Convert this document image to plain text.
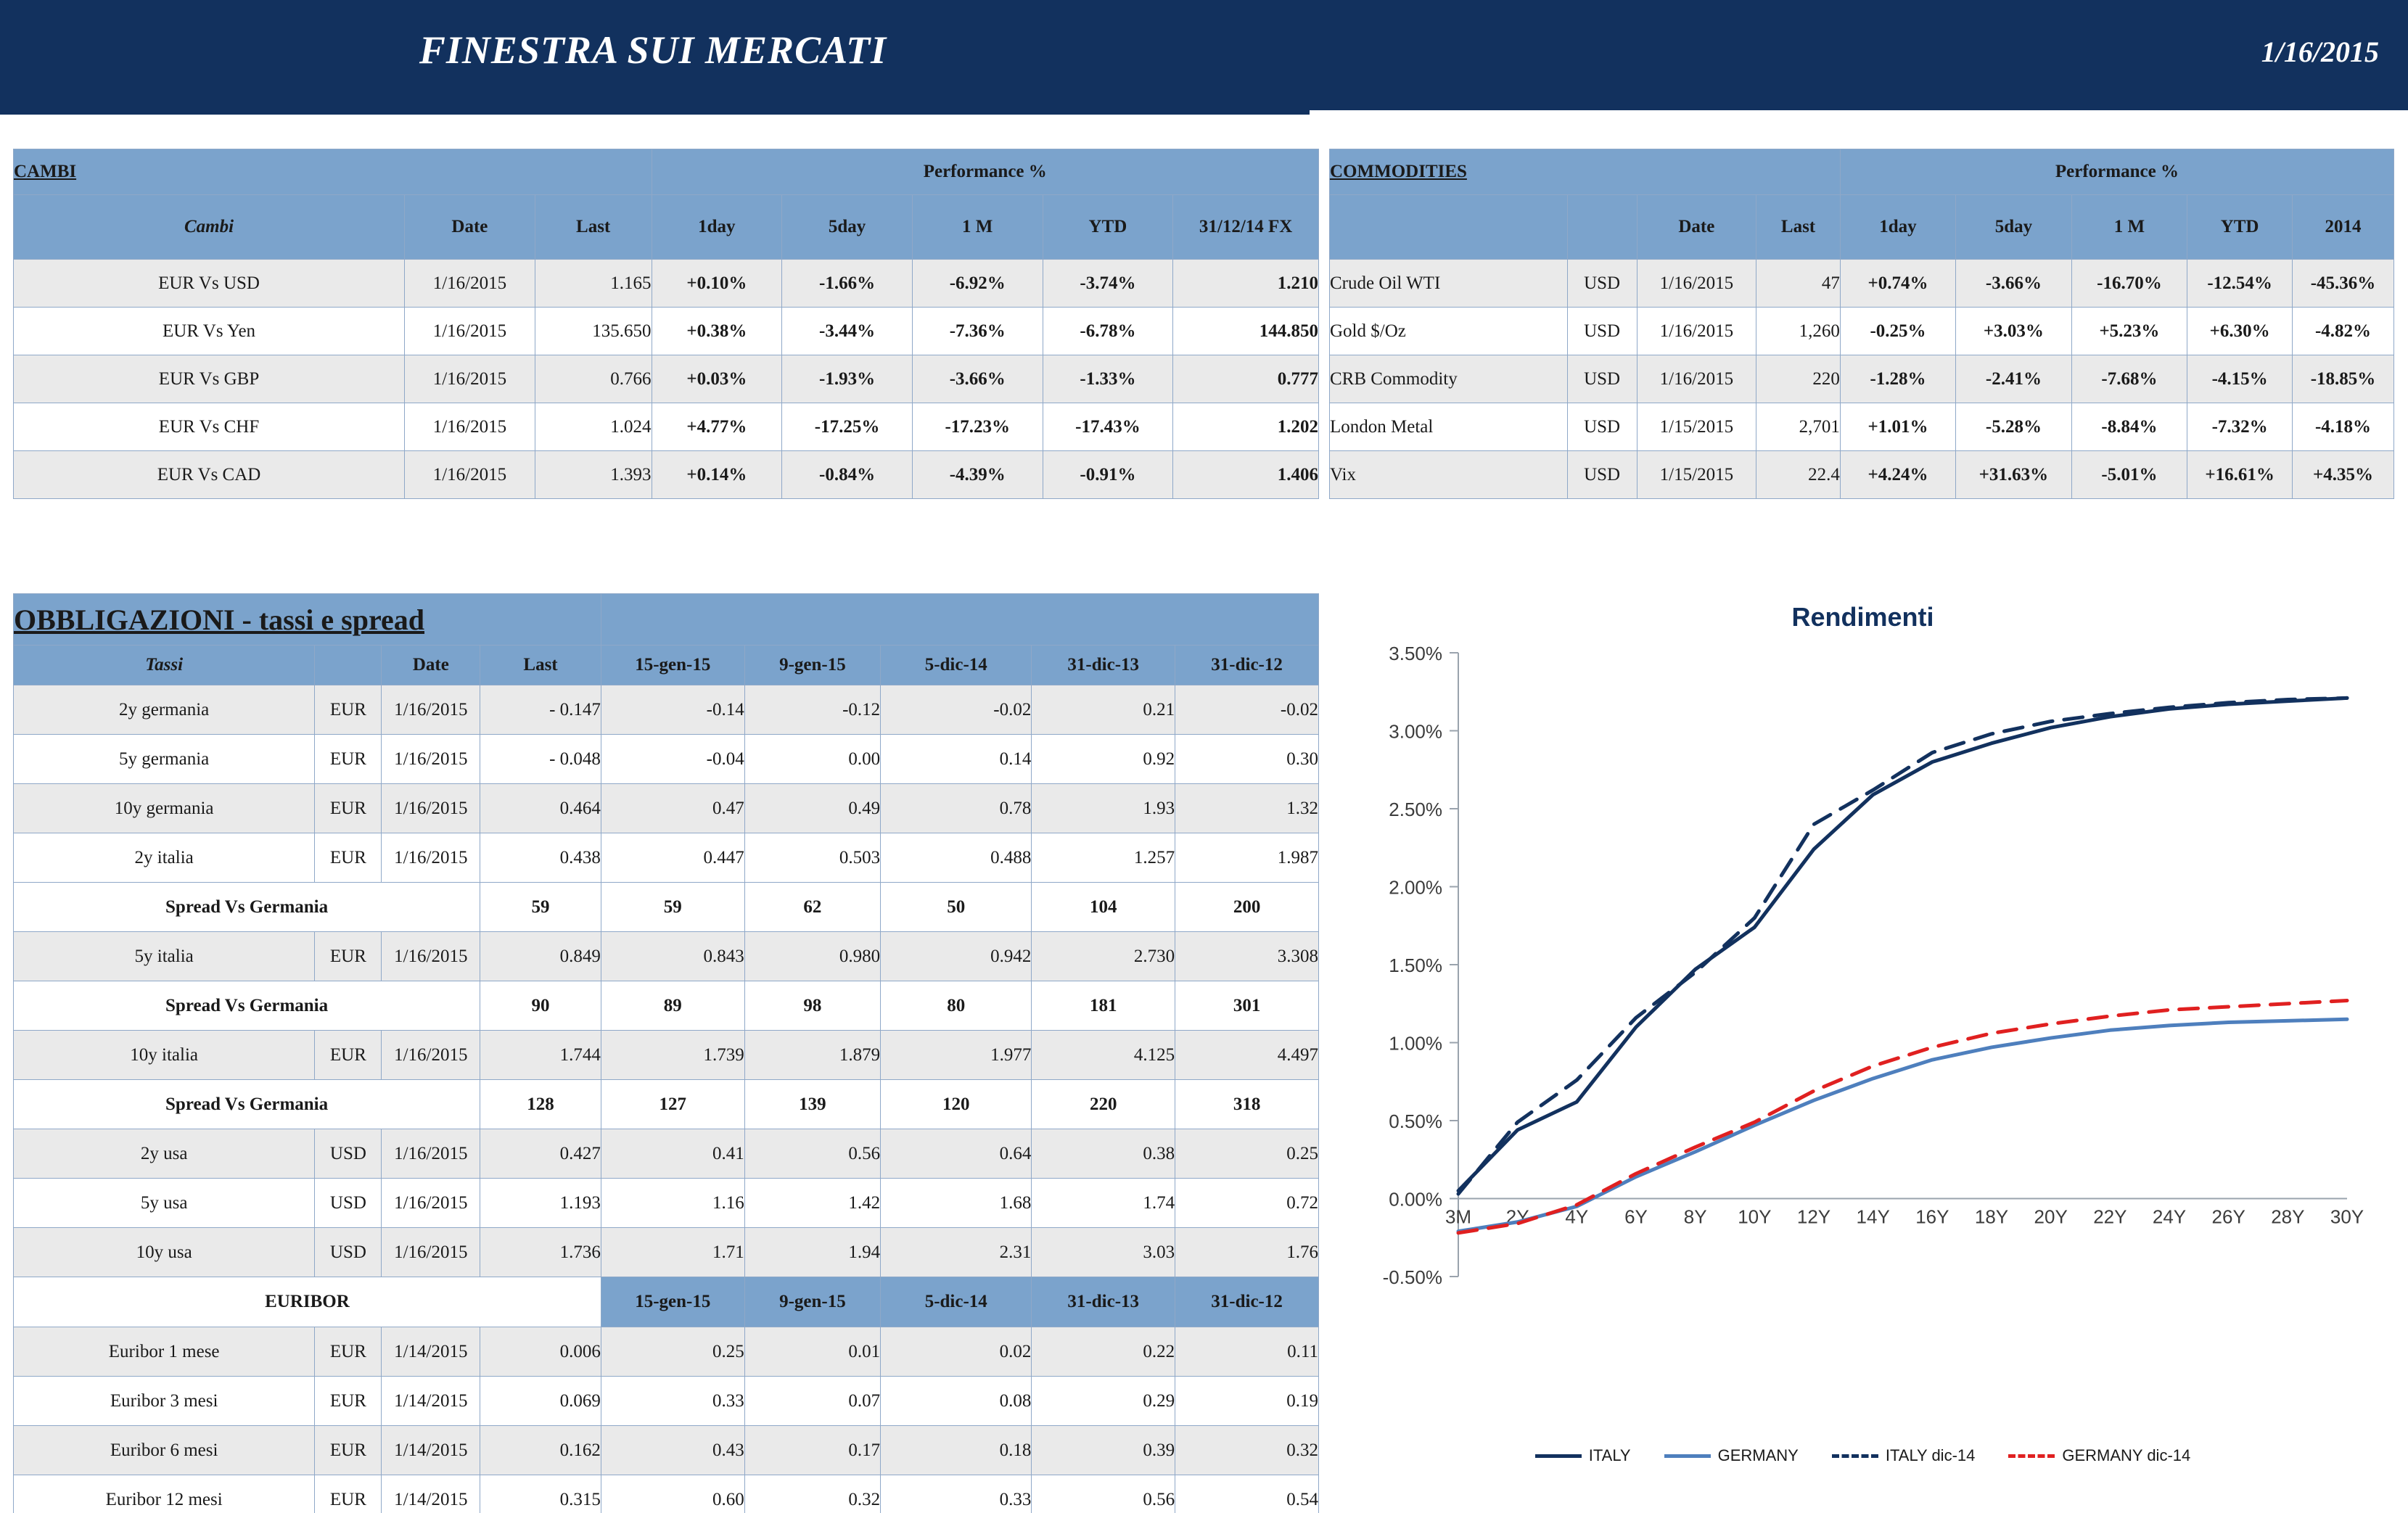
FINESTRA SUI MERCATI	1/16/2015
CAMBI			Performance %				
Cambi	Date	Last	1day	5day	1 M	YTD	31/12/14 FX
EUR Vs USD	1/16/2015	1.165	+0.10%	-1.66%	-6.92%	-3.74%	1.210
EUR Vs Yen	1/16/2015	135.650	+0.38%	-3.44%	-7.36%	-6.78%	144.850
EUR Vs GBP	1/16/2015	0.766	+0.03%	-1.93%	-3.66%	-1.33%	0.777
EUR Vs CHF	1/16/2015	1.024	+4.77%	-17.25%	-17.23%	-17.43%	1.202
EUR Vs CAD	1/16/2015	1.393	+0.14%	-0.84%	-4.39%	-0.91%	1.406
COMMODITIES				Performance %				
		Date	Last	1day	5day	1 M	YTD	2014
Crude Oil WTI	USD	1/16/2015	47	+0.74%	-3.66%	-16.70%	-12.54%	-45.36%
Gold $/Oz	USD	1/16/2015	1,260	-0.25%	+3.03%	+5.23%	+6.30%	-4.82%
CRB Commodity	USD	1/16/2015	220	-1.28%	-2.41%	-7.68%	-4.15%	-18.85%
London Metal	USD	1/15/2015	2,701	+1.01%	-5.28%	-8.84%	-7.32%	-4.18%
Vix	USD	1/15/2015	22.4	+4.24%	+31.63%	-5.01%	+16.61%	+4.35%
OBBLIGAZIONI - tassi e spread								
Tassi		Date	Last	15-gen-15	9-gen-15	5-dic-14	31-dic-13	31-dic-12
2y germania	EUR	1/16/2015	- 0.147	-0.14	-0.12	-0.02	0.21	-0.02
5y germania	EUR	1/16/2015	- 0.048	-0.04	0.00	0.14	0.92	0.30
10y germania	EUR	1/16/2015	0.464	0.47	0.49	0.78	1.93	1.32
2y italia	EUR	1/16/2015	0.438	0.447	0.503	0.488	1.257	1.987
Spread Vs Germania			59	59	62	50	104	200
5y italia	EUR	1/16/2015	0.849	0.843	0.980	0.942	2.730	3.308
Spread Vs Germania			90	89	98	80	181	301
10y italia	EUR	1/16/2015	1.744	1.739	1.879	1.977	4.125	4.497
Spread Vs Germania			128	127	139	120	220	318
2y usa	USD	1/16/2015	0.427	0.41	0.56	0.64	0.38	0.25
5y usa	USD	1/16/2015	1.193	1.16	1.42	1.68	1.74	0.72
10y usa	USD	1/16/2015	1.736	1.71	1.94	2.31	3.03	1.76
EURIBOR				15-gen-15	9-gen-15	5-dic-14	31-dic-13	31-dic-12
Euribor 1 mese	EUR	1/14/2015	0.006	0.25	0.01	0.02	0.22	0.11
Euribor 3 mesi	EUR	1/14/2015	0.069	0.33	0.07	0.08	0.29	0.19
Euribor 6 mesi	EUR	1/14/2015	0.162	0.43	0.17	0.18	0.39	0.32
Euribor 12 mesi	EUR	1/14/2015	0.315	0.60	0.32	0.33	0.56	0.54
Rendimenti
3.50%
3.00%
2.50%
2.00%
1.50%
1.00%
0.50%
0.00%
-0.50%
3M 2Y 4Y 6Y 8Y 10Y 12Y 14Y 16Y 18Y 20Y 22Y 24Y 26Y 28Y 30Y
ITALY	GERMANY	ITALY dic-14	GERMANY dic-14
